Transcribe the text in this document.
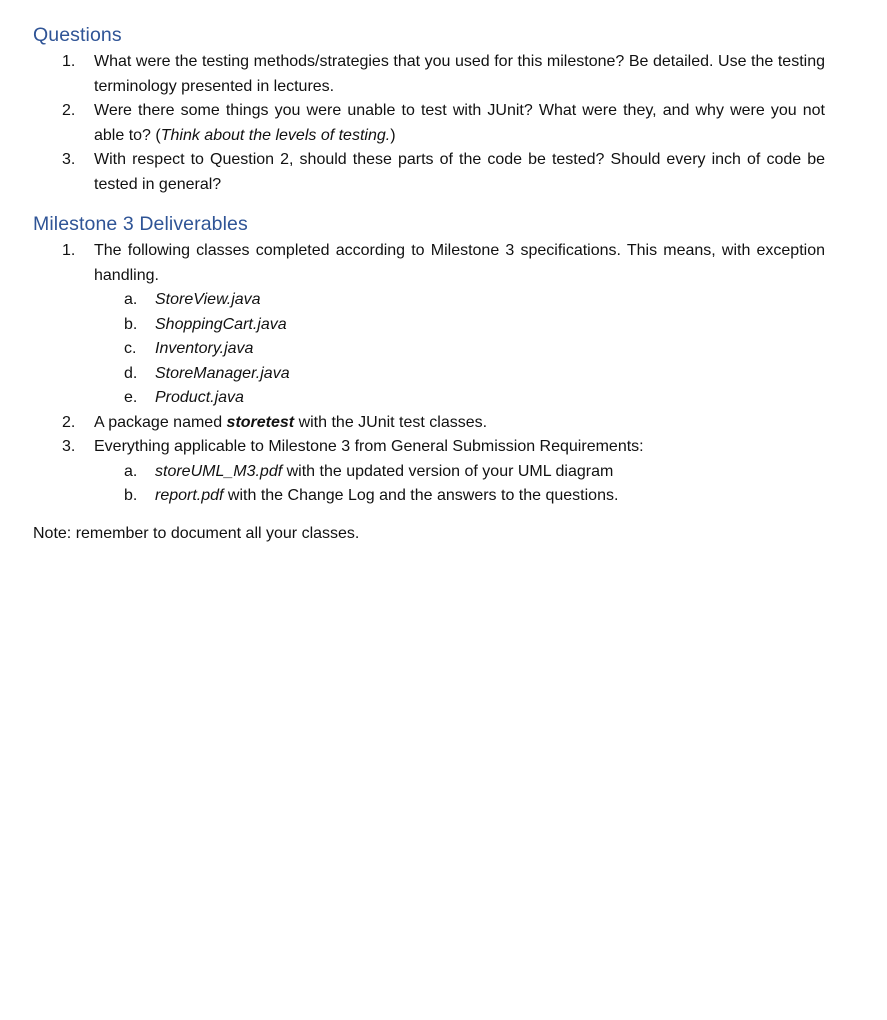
Questions
1.	What were the testing methods/strategies that you used for this milestone? Be detailed. Use the testing terminology presented in lectures.
2.	Were there some things you were unable to test with JUnit? What were they, and why were you not able to? (Think about the levels of testing.)
3.	With respect to Question 2, should these parts of the code be tested? Should every inch of code be tested in general?
Milestone 3 Deliverables
1.	The following classes completed according to Milestone 3 specifications. This means, with exception handling.
a.	StoreView.java
b.	ShoppingCart.java
c.	Inventory.java
d.	StoreManager.java
e.	Product.java
2.	A package named storetest with the JUnit test classes.
3.	Everything applicable to Milestone 3 from General Submission Requirements:
a.	storeUML_M3.pdf with the updated version of your UML diagram
b.	report.pdf with the Change Log and the answers to the questions.
Note: remember to document all your classes.
